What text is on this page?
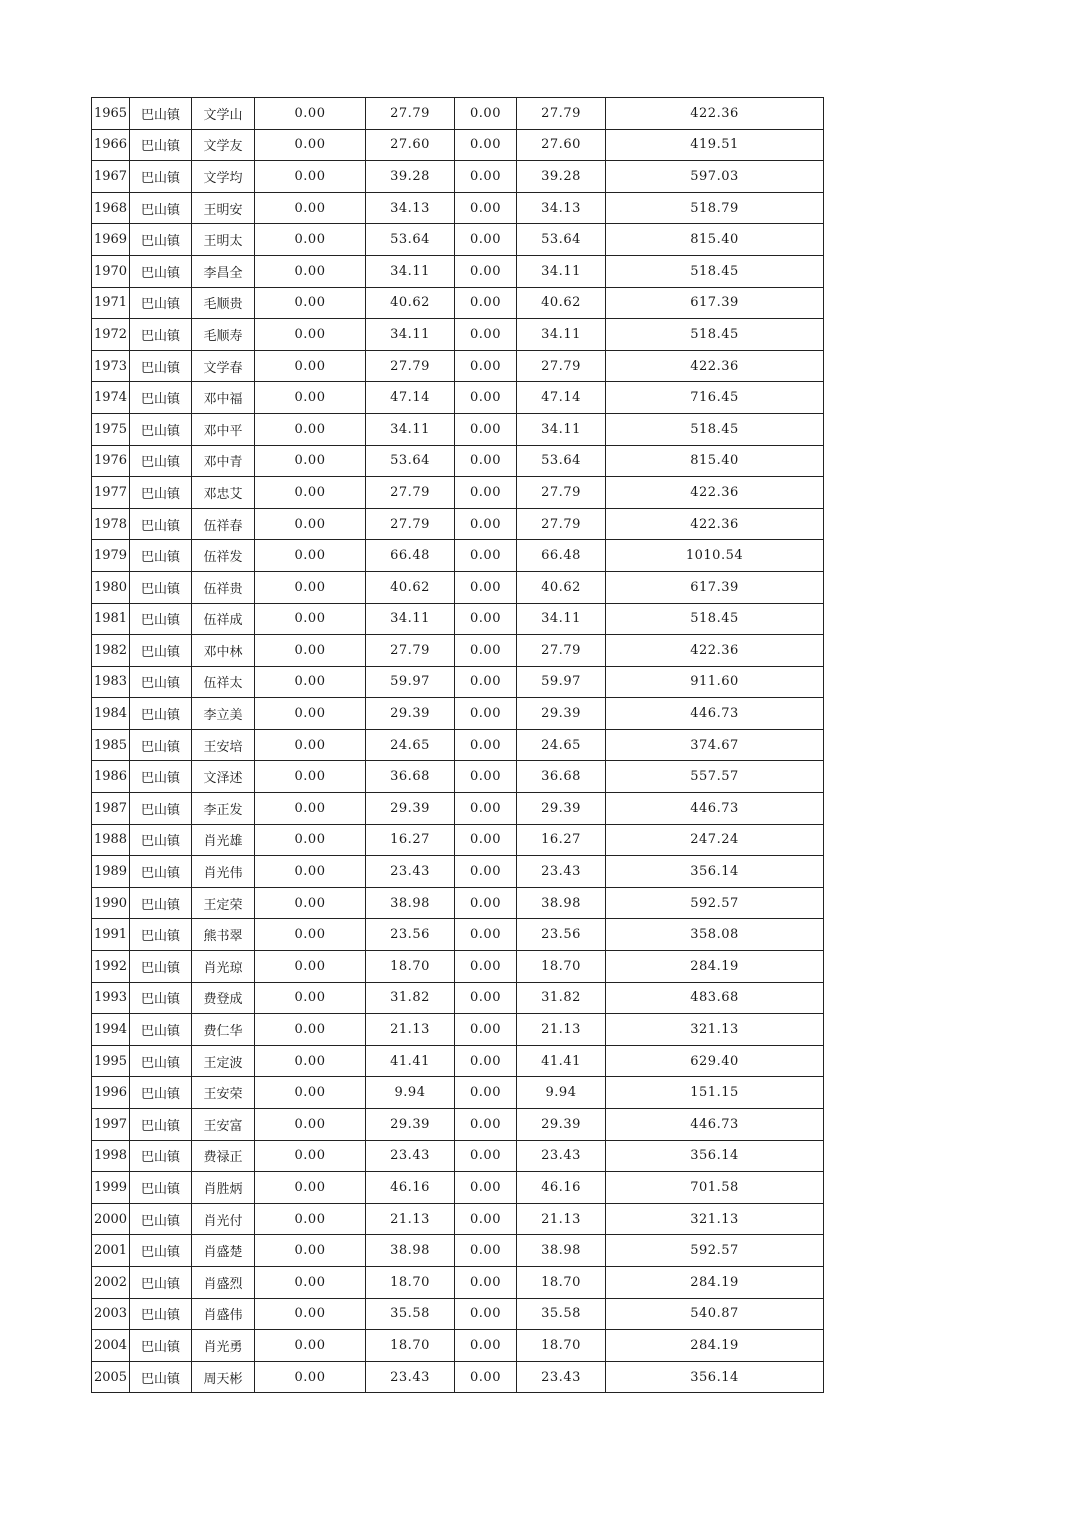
1965	巴山镇	文学山	0.00	27.79	0.00	27.79	422.36
1966	巴山镇	文学友	0.00	27.60	0.00	27.60	419.51
1967	巴山镇	文学均	0.00	39.28	0.00	39.28	597.03
1968	巴山镇	王明安	0.00	34.13	0.00	34.13	518.79
1969	巴山镇	王明太	0.00	53.64	0.00	53.64	815.40
1970	巴山镇	李昌全	0.00	34.11	0.00	34.11	518.45
1971	巴山镇	毛顺贵	0.00	40.62	0.00	40.62	617.39
1972	巴山镇	毛顺寿	0.00	34.11	0.00	34.11	518.45
1973	巴山镇	文学春	0.00	27.79	0.00	27.79	422.36
1974	巴山镇	邓中福	0.00	47.14	0.00	47.14	716.45
1975	巴山镇	邓中平	0.00	34.11	0.00	34.11	518.45
1976	巴山镇	邓中青	0.00	53.64	0.00	53.64	815.40
1977	巴山镇	邓忠艾	0.00	27.79	0.00	27.79	422.36
1978	巴山镇	伍祥春	0.00	27.79	0.00	27.79	422.36
1979	巴山镇	伍祥发	0.00	66.48	0.00	66.48	1010.54
1980	巴山镇	伍祥贵	0.00	40.62	0.00	40.62	617.39
1981	巴山镇	伍祥成	0.00	34.11	0.00	34.11	518.45
1982	巴山镇	邓中林	0.00	27.79	0.00	27.79	422.36
1983	巴山镇	伍祥太	0.00	59.97	0.00	59.97	911.60
1984	巴山镇	李立美	0.00	29.39	0.00	29.39	446.73
1985	巴山镇	王安培	0.00	24.65	0.00	24.65	374.67
1986	巴山镇	文泽述	0.00	36.68	0.00	36.68	557.57
1987	巴山镇	李正发	0.00	29.39	0.00	29.39	446.73
1988	巴山镇	肖光雄	0.00	16.27	0.00	16.27	247.24
1989	巴山镇	肖光伟	0.00	23.43	0.00	23.43	356.14
1990	巴山镇	王定荣	0.00	38.98	0.00	38.98	592.57
1991	巴山镇	熊书翠	0.00	23.56	0.00	23.56	358.08
1992	巴山镇	肖光琼	0.00	18.70	0.00	18.70	284.19
1993	巴山镇	费登成	0.00	31.82	0.00	31.82	483.68
1994	巴山镇	费仁华	0.00	21.13	0.00	21.13	321.13
1995	巴山镇	王定波	0.00	41.41	0.00	41.41	629.40
1996	巴山镇	王安荣	0.00	9.94	0.00	9.94	151.15
1997	巴山镇	王安富	0.00	29.39	0.00	29.39	446.73
1998	巴山镇	费禄正	0.00	23.43	0.00	23.43	356.14
1999	巴山镇	肖胜炳	0.00	46.16	0.00	46.16	701.58
2000	巴山镇	肖光付	0.00	21.13	0.00	21.13	321.13
2001	巴山镇	肖盛楚	0.00	38.98	0.00	38.98	592.57
2002	巴山镇	肖盛烈	0.00	18.70	0.00	18.70	284.19
2003	巴山镇	肖盛伟	0.00	35.58	0.00	35.58	540.87
2004	巴山镇	肖光勇	0.00	18.70	0.00	18.70	284.19
2005	巴山镇	周天彬	0.00	23.43	0.00	23.43	356.14
